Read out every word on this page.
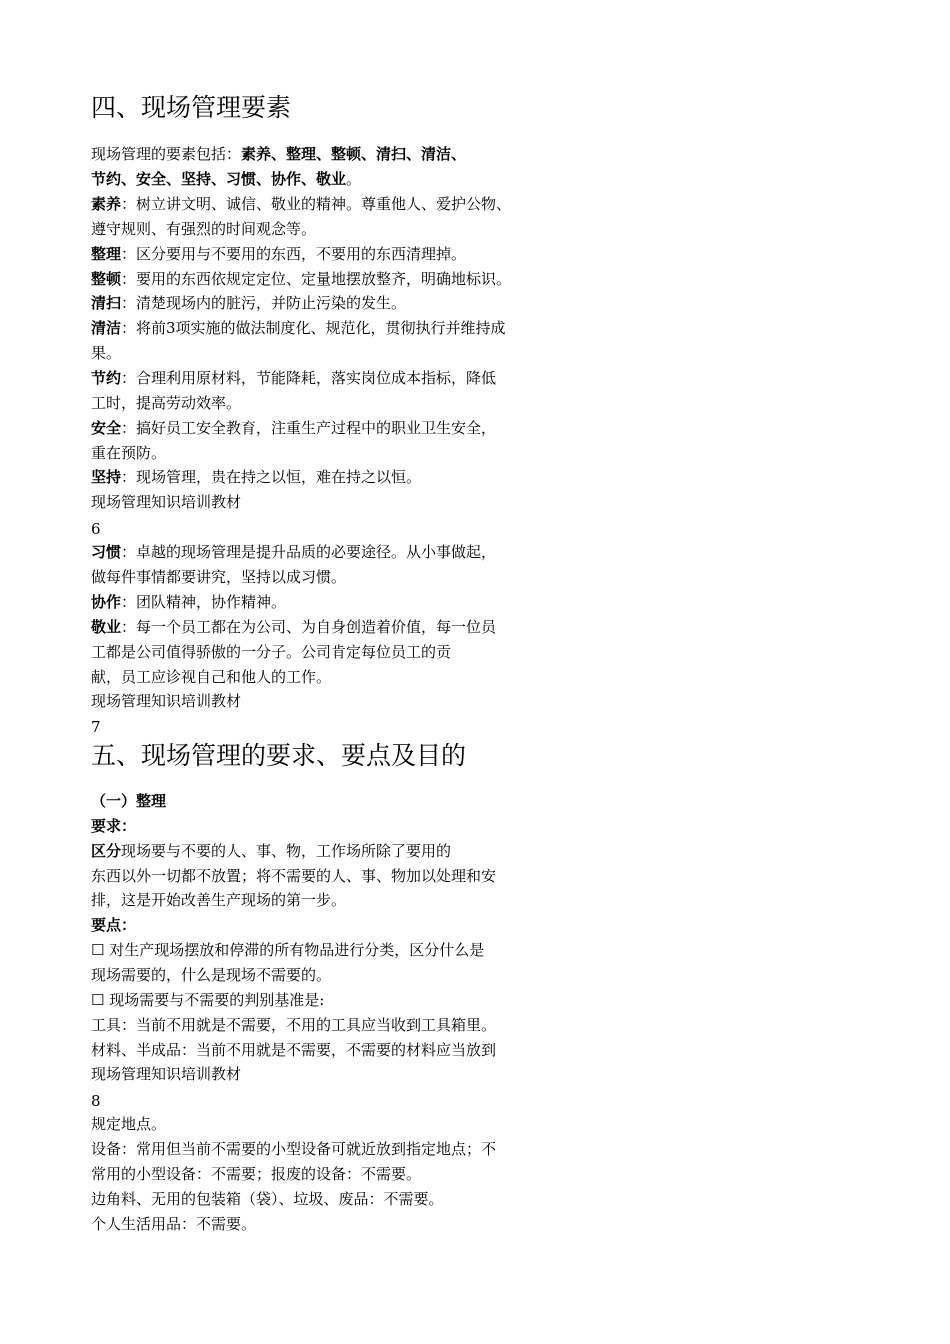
四、现场管理要素
现场管理的要素包括：素养、整理、整顿、清扫、清洁、
节约、安全、坚持、习惯、协作、敬业。
素养：树立讲文明、诚信、敬业的精神。尊重他人、爱护公物、
遵守规则、有强烈的时间观念等。
整理：区分要用与不要用的东西，不要用的东西清理掉。
整顿：要用的东西依规定定位、定量地摆放整齐，明确地标识。
清扫：清楚现场内的脏污，并防止污染的发生。
清洁：将前3项实施的做法制度化、规范化，贯彻执行并维持成
果。
节约：合理利用原材料，节能降耗，落实岗位成本指标，降低
工时，提高劳动效率。
安全：搞好员工安全教育，注重生产过程中的职业卫生安全，
重在预防。
坚持：现场管理，贵在持之以恒，难在持之以恒。
现场管理知识培训教材
6
习惯：卓越的现场管理是提升品质的必要途径。从小事做起，
做每件事情都要讲究，坚持以成习惯。
协作：团队精神，协作精神。
敬业：每一个员工都在为公司、为自身创造着价值，每一位员
工都是公司值得骄傲的一分子。公司肯定每位员工的贡
献，员工应诊视自己和他人的工作。
现场管理知识培训教材
7
五、现场管理的要求、要点及目的
（一）整理
要求：
区分现场要与不要的人、事、物，工作场所除了要用的
东西以外一切都不放置；将不需要的人、事、物加以处理和安
排，这是开始改善生产现场的第一步。
要点：
☐ 对生产现场摆放和停滞的所有物品进行分类，区分什么是
现场需要的，什么是现场不需要的。
☐ 现场需要与不需要的判别基准是:
工具：当前不用就是不需要，不用的工具应当收到工具箱里。
材料、半成品：当前不用就是不需要，不需要的材料应当放到
现场管理知识培训教材
8
规定地点。
设备：常用但当前不需要的小型设备可就近放到指定地点；不
常用的小型设备：不需要；报废的设备：不需要。
边角料、无用的包装箱（袋）、垃圾、废品：不需要。
个人生活用品：不需要。
